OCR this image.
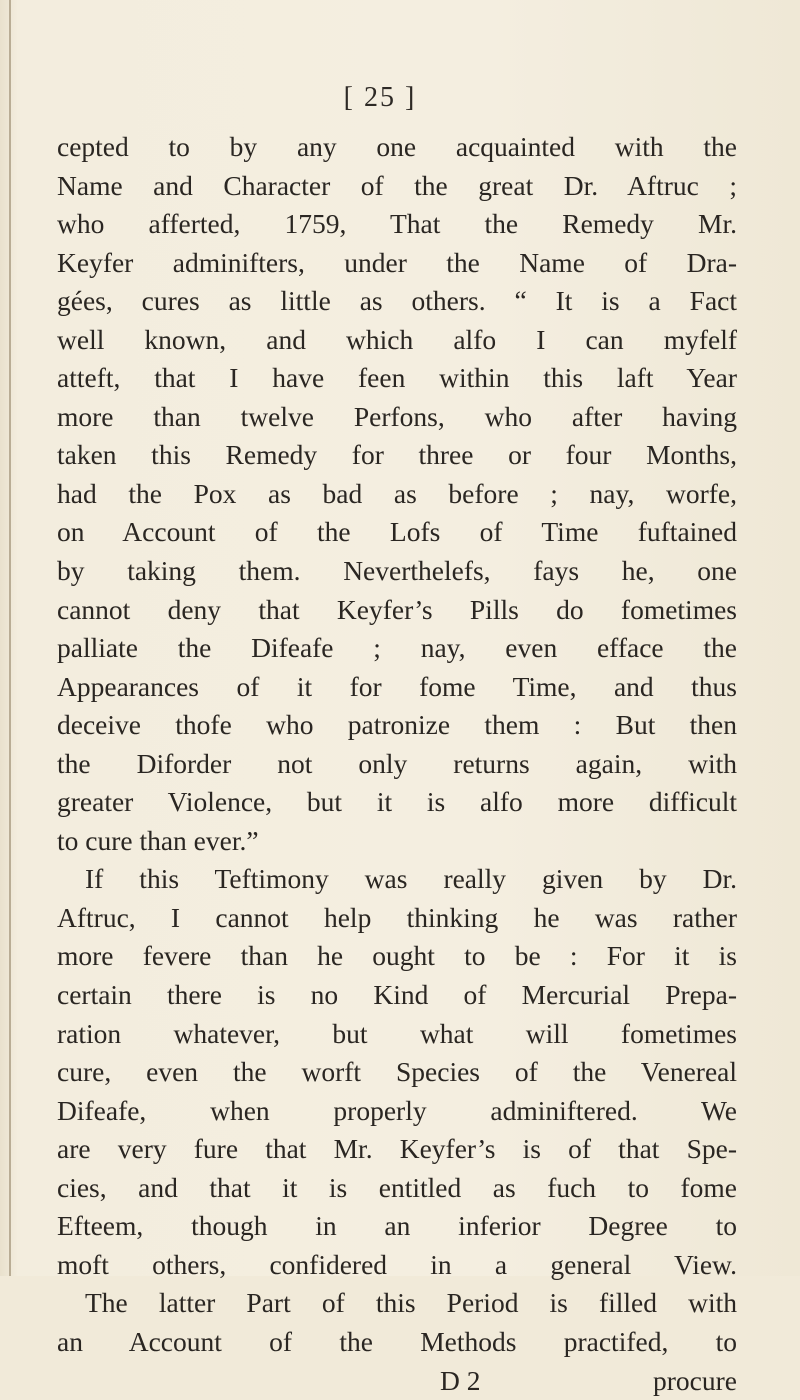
[ 25 ]
cepted to by any one acquainted with the
Name and Character of the great Dr. Aftruc ;
who afferted, 1759, That the Remedy Mr.
Keyfer adminifters, under the Name of Dra-
gées, cures as little as others. “ It is a Fact
well known, and which alfo I can myfelf
atteft, that I have feen within this laft Year
more than twelve Perfons, who after having
taken this Remedy for three or four Months,
had the Pox as bad as before ; nay, worfe,
on Account of the Lofs of Time fuftained
by taking them. Neverthelefs, fays he, one
cannot deny that Keyfer’s Pills do fometimes
palliate the Difeafe ; nay, even efface the
Appearances of it for fome Time, and thus
deceive thofe who patronize them : But then
the Diforder not only returns again, with
greater Violence, but it is alfo more difficult
to cure than ever.”
If this Teftimony was really given by Dr.
Aftruc, I cannot help thinking he was rather
more fevere than he ought to be : For it is
certain there is no Kind of Mercurial Prepa-
ration whatever, but what will fometimes
cure, even the worft Species of the Venereal
Difeafe, when properly adminiftered. We
are very fure that Mr. Keyfer’s is of that Spe-
cies, and that it is entitled as fuch to fome
Efteem, though in an inferior Degree to
moft others, confidered in a general View.
The latter Part of this Period is filled with
an Account of the Methods practifed, to
D 2	procure
